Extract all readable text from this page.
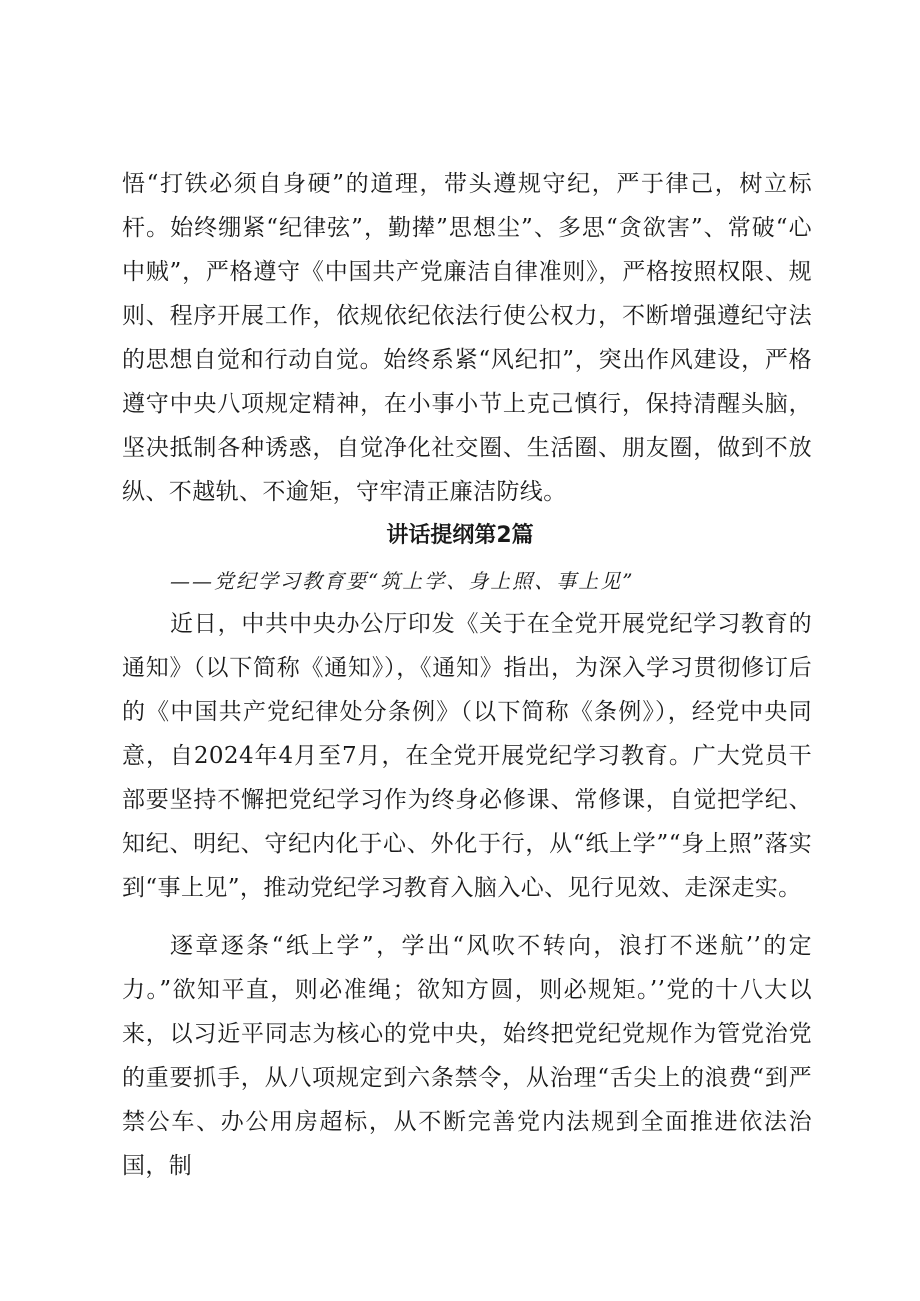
悟“打铁必须自身硬”的道理，带头遵规守纪，严于律己，树立标杆。始终绷紧“纪律弦”，勤撵”思想尘”、多思“贪欲害”、常破“心中贼”，严格遵守《中国共产党廉洁自律准则》，严格按照权限、规则、程序开展工作，依规依纪依法行使公权力，不断增强遵纪守法的思想自觉和行动自觉。始终系紧“风纪扣”，突出作风建设，严格遵守中央八项规定精神，在小事小节上克己慎行，保持清醒头脑，坚决抵制各种诱惑，自觉净化社交圈、生活圈、朋友圈，做到不放纵、不越轨、不逾矩，守牢清正廉洁防线。

讲话提纲第2篇
——党纪学习教育要“筑上学、身上照、事上见”

近日，中共中央办公厅印发《关于在全党开展党纪学习教育的通知》（以下简称《通知》），《通知》指出，为深入学习贯彻修订后的《中国共产党纪律处分条例》（以下简称《条例》），经党中央同意，自2024年4月至7月，在全党开展党纪学习教育。广大党员干部要坚持不懈把党纪学习作为终身必修课、常修课，自觉把学纪、知纪、明纪、守纪内化于心、外化于行，从“纸上学”“身上照”落实到“事上见”，推动党纪学习教育入脑入心、见行见效、走深走实。

逐章逐条“纸上学”，学出“风吹不转向，浪打不迷航’’的定力。”欲知平直，则必准绳；欲知方圆，则必规矩。’’党的十八大以来，以习近平同志为核心的党中央，始终把党纪党规作为管党治党的重要抓手，从八项规定到六条禁令，从治理“舌尖上的浪费“到严禁公车、办公用房超标，从不断完善党内法规到全面推进依法治国，制
